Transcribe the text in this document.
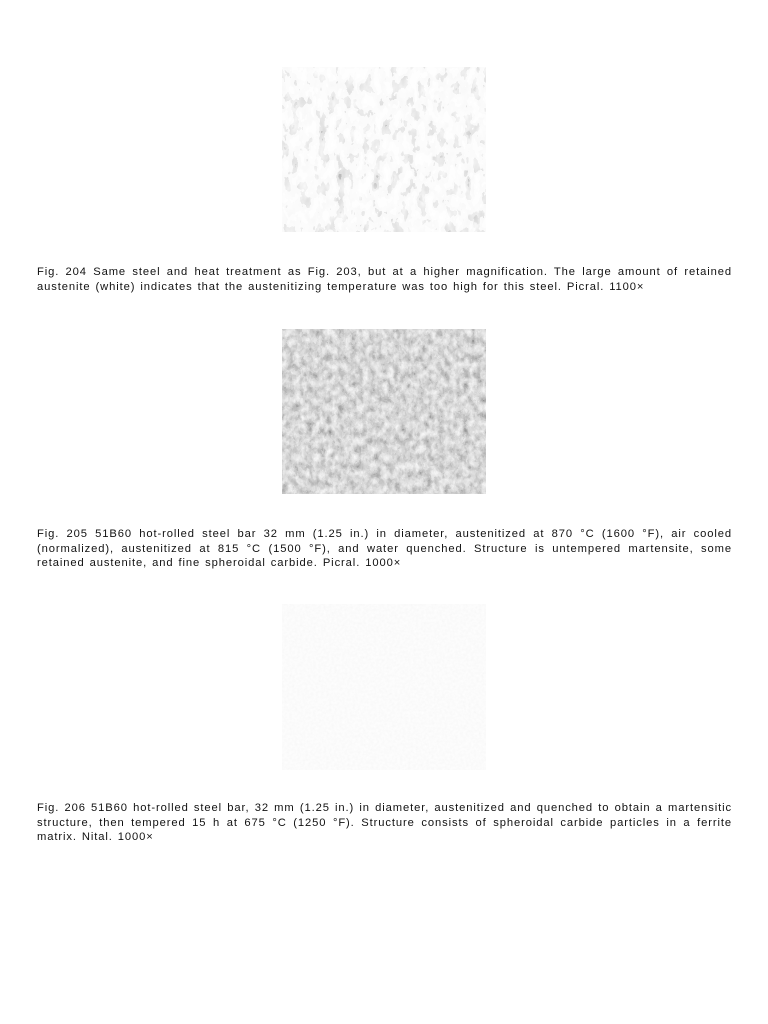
Fig. 204 Same steel and heat treatment as Fig. 203, but at a higher magnification. The large amount of retained austenite (white) indicates that the austenitizing temperature was too high for this steel. Picral. 1100×

Fig. 205 51B60 hot-rolled steel bar 32 mm (1.25 in.) in diameter, austenitized at 870 °C (1600 °F), air cooled (normalized), austenitized at 815 °C (1500 °F), and water quenched. Structure is untempered martensite, some retained austenite, and fine spheroidal carbide. Picral. 1000×

Fig. 206 51B60 hot-rolled steel bar, 32 mm (1.25 in.) in diameter, austenitized and quenched to obtain a martensitic structure, then tempered 15 h at 675 °C (1250 °F). Structure consists of spheroidal carbide particles in a ferrite matrix. Nital. 1000×
